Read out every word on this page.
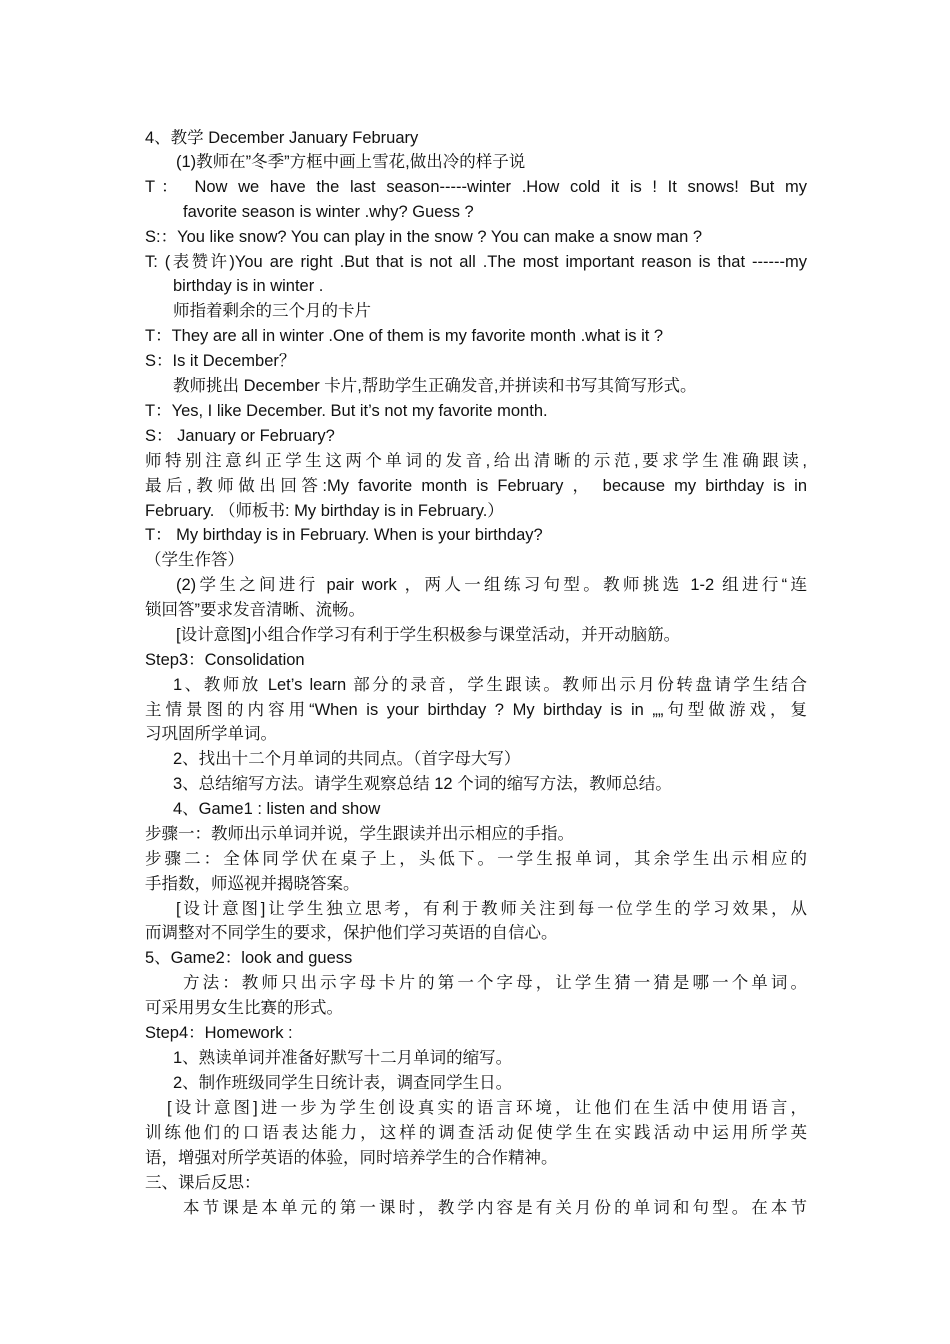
4、教学 December January February
(1)教师在”冬季”方框中画上雪花,做出冷的样子说
T： Now we have the last season-----winter .How cold it is ! It snows! But my
favorite season is winter .why? Guess ?
S:：You like snow? You can play in the snow ? You can make a snow man ?
T: (表赞许)You are right .But that is not all .The most important reason is that ------my
birthday is in winter .
师指着剩余的三个月的卡片
T：They are all in winter .One of them is my favorite month .what is it ?
S：Is it December？
教师挑出 December 卡片,帮助学生正确发音,并拼读和书写其简写形式。
T：Yes, I like December. But it’s not my favorite month.
S： January or February?
师特别注意纠正学生这两个单词的发音,给出清晰的示范,要求学生准确跟读,
最后,教师做出回答:My favorite month is February ， because my birthday is in
February. （师板书: My birthday is in February.）
T： My birthday is in February. When is your birthday?
（学生作答）
(2)学生之间进行 pair work ，两人一组练习句型。教师挑选 1-2 组进行“连
锁回答”要求发音清晰、流畅。
[设计意图]小组合作学习有利于学生积极参与课堂活动，并开动脑筋。
Step3：Consolidation
1、教师放 Let’s learn 部分的录音，学生跟读。教师出示月份转盘请学生结合
主情景图的内容用“When is your birthday ? My birthday is in „„句型做游戏，复
习巩固所学单词。
2、找出十二个月单词的共同点。（首字母大写）
3、总结缩写方法。请学生观察总结 12 个词的缩写方法，教师总结。
4、Game1 : listen and show
步骤一：教师出示单词并说，学生跟读并出示相应的手指。
步骤二：全体同学伏在桌子上，头低下。一学生报单词，其余学生出示相应的
手指数，师巡视并揭晓答案。
[设计意图]让学生独立思考，有利于教师关注到每一位学生的学习效果，从
而调整对不同学生的要求，保护他们学习英语的自信心。
5、Game2：look and guess
方法：教师只出示字母卡片的第一个字母，让学生猜一猜是哪一个单词。
可采用男女生比赛的形式。
Step4：Homework :
1、熟读单词并准备好默写十二月单词的缩写。
2、制作班级同学生日统计表，调查同学生日。
[设计意图]进一步为学生创设真实的语言环境，让他们在生活中使用语言，
训练他们的口语表达能力，这样的调查活动促使学生在实践活动中运用所学英
语，增强对所学英语的体验，同时培养学生的合作精神。
三、课后反思：
本节课是本单元的第一课时，教学内容是有关月份的单词和句型。在本节
